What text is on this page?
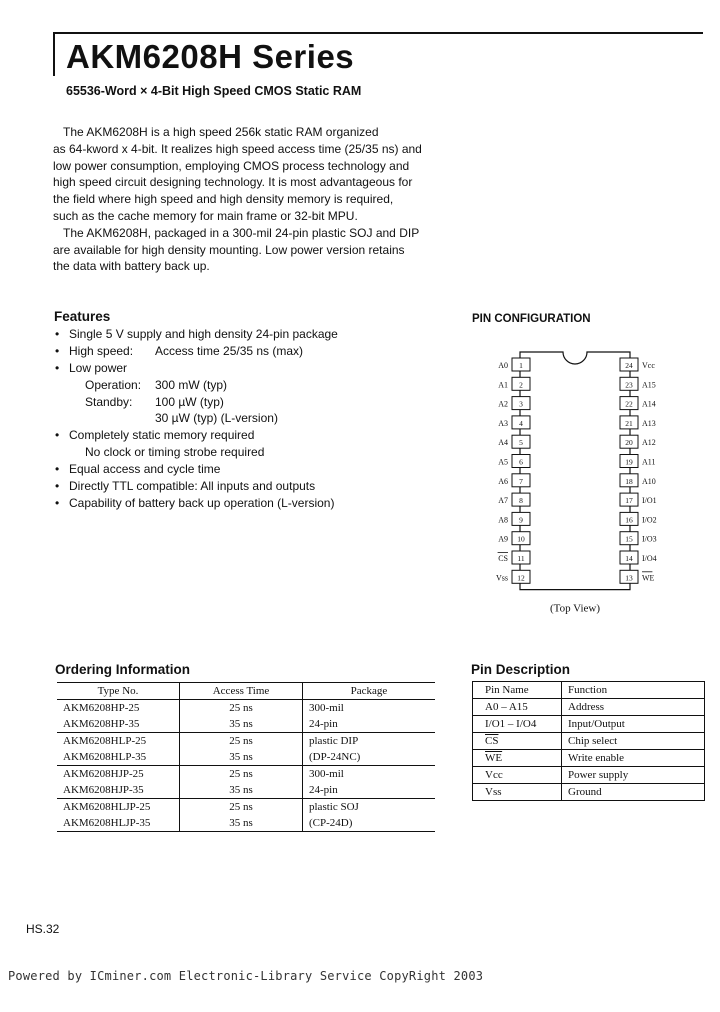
AKM6208H Series
65536-Word × 4-Bit High Speed CMOS Static RAM
The AKM6208H is a high speed 256k static RAM organized
as 64-kword x 4-bit. It realizes high speed access time (25/35 ns) and
low power consumption, employing CMOS process technology and
high speed circuit designing technology. It is most advantageous for
the field where high speed and high density memory is required,
such as the cache memory for main frame or 32-bit MPU.
The AKM6208H, packaged in a 300-mil 24-pin plastic SOJ and DIP
are available for high density mounting. Low power version retains
the data with battery back up.
Features
• Single 5 V supply and high density 24-pin package
• High speed: Access time 25/35 ns (max)
• Low power
Operation: 300 mW (typ)
Standby: 100 µW (typ)
30 µW (typ) (L-version)
• Completely static memory required
No clock or timing strobe required
• Equal access and cycle time
• Directly TTL compatible: All inputs and outputs
• Capability of battery back up operation (L-version)
PIN CONFIGURATION
1
A0
2
A1
3
A2
4
A3
5
A4
6
A5
7
A6
8
A7
9
A8
10
A9
11
CS
12
Vss
24 Vcc
23 A15
22 A14
21 A13
20 A12
19 A11
18 A10
17 I/O1
16 I/O2
15 I/O3
14 I/O4
13 WE
(Top View)
Ordering Information
Type No.	Access Time	Package
AKM6208HP-25	25 ns	300-mil
AKM6208HP-35	35 ns	24-pin
AKM6208HLP-25	25 ns	plastic DIP
AKM6208HLP-35	35 ns	(DP-24NC)
AKM6208HJP-25	25 ns	300-mil
AKM6208HJP-35	35 ns	24-pin
AKM6208HLJP-25	25 ns	plastic SOJ
AKM6208HLJP-35	35 ns	(CP-24D)
Pin Description
Pin Name	Function
A0 – A15	Address
I/O1 – I/O4	Input/Output
$\overline{CS}$	Chip select
$\overline{WE}$	Write enable
Vcc	Power supply
Vss	Ground
HS.32
Powered by ICminer.com Electronic-Library Service CopyRight 2003
